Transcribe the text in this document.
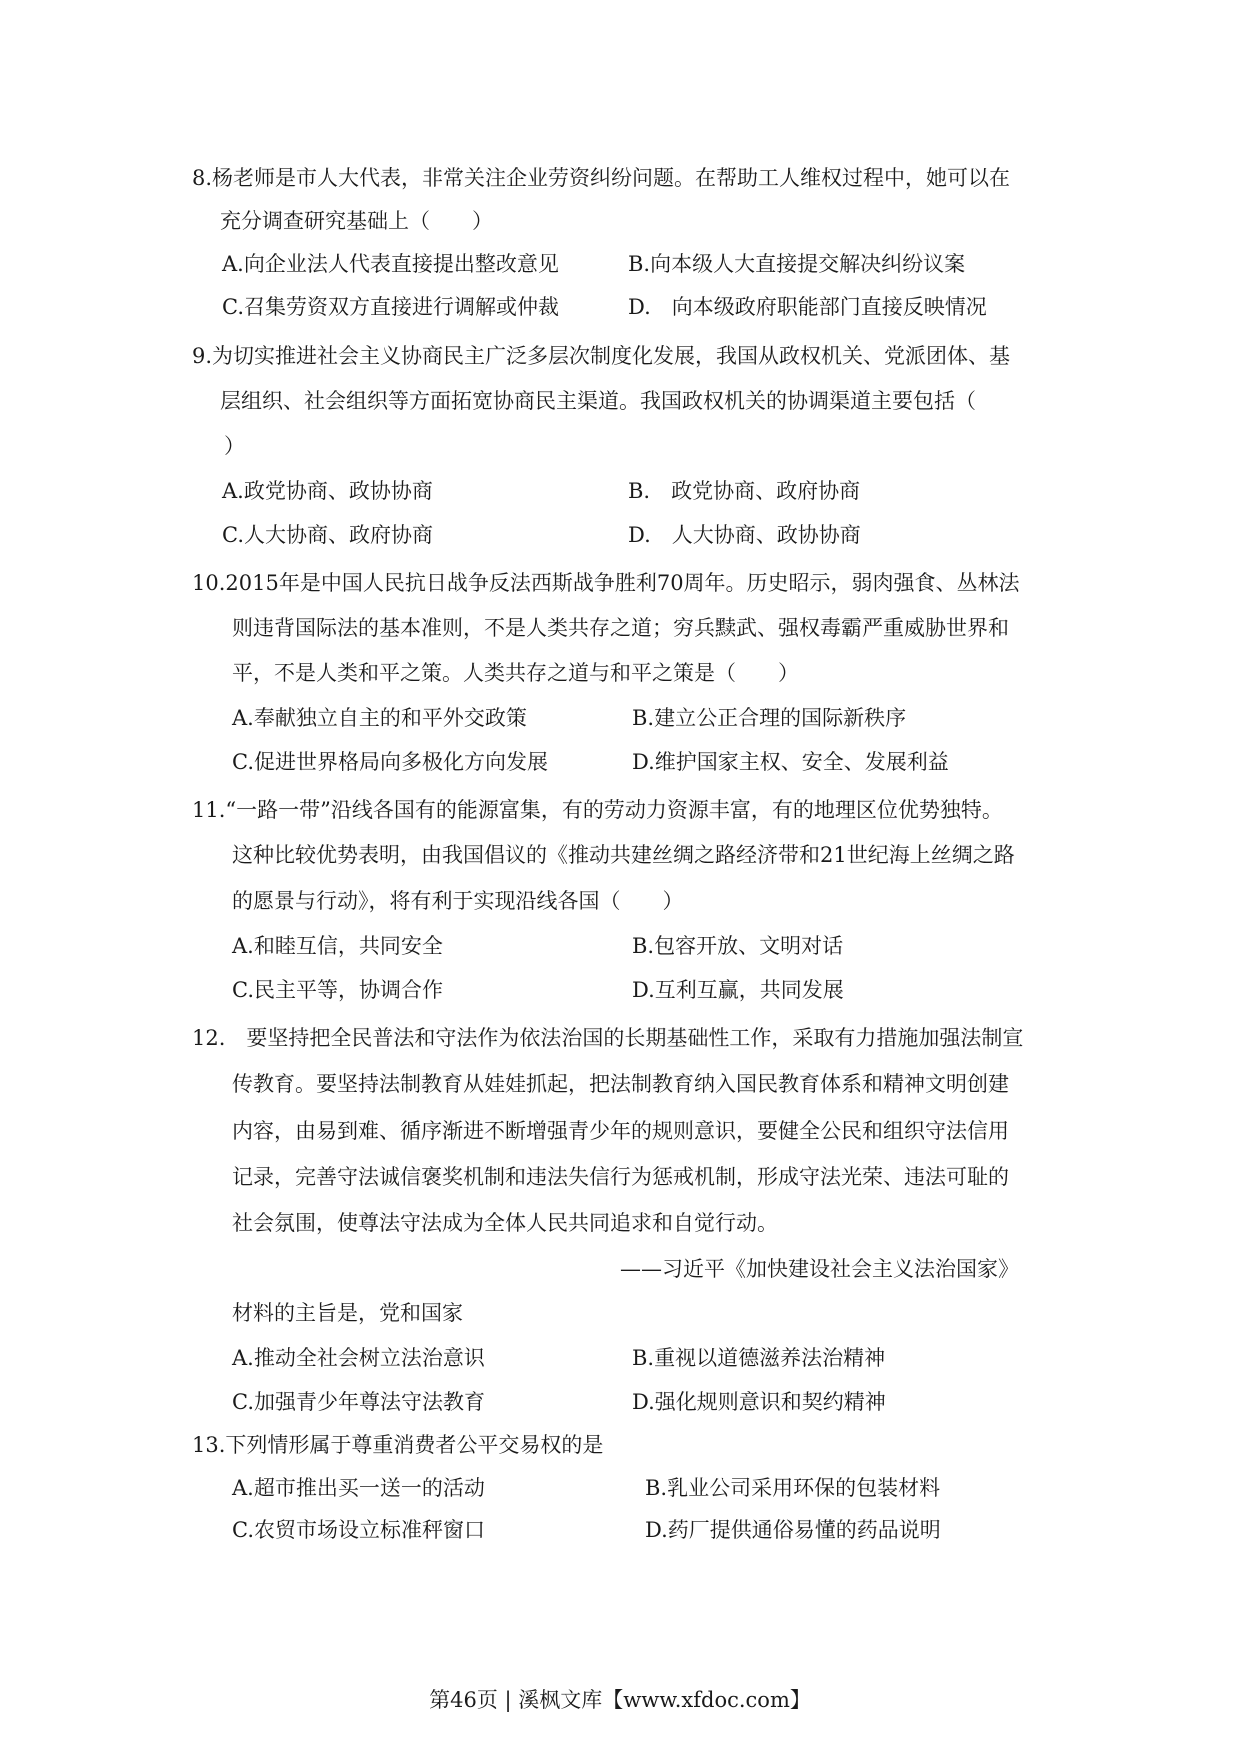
8.杨老师是市人大代表，非常关注企业劳资纠纷问题。在帮助工人维权过程中，她可以在
充分调查研究基础上（　　）
A.向企业法人代表直接提出整改意见	B.向本级人大直接提交解决纠纷议案
C.召集劳资双方直接进行调解或仲裁	D.　向本级政府职能部门直接反映情况
9.为切实推进社会主义协商民主广泛多层次制度化发展，我国从政权机关、党派团体、基
层组织、社会组织等方面拓宽协商民主渠道。我国政权机关的协调渠道主要包括（
）
A.政党协商、政协协商	B.　政党协商、政府协商
C.人大协商、政府协商	D.　人大协商、政协协商
10.2015年是中国人民抗日战争反法西斯战争胜利70周年。历史昭示，弱肉强食、丛林法
则违背国际法的基本准则，不是人类共存之道；穷兵黩武、强权毒霸严重威胁世界和
平，不是人类和平之策。人类共存之道与和平之策是（　　）
A.奉献独立自主的和平外交政策	B.建立公正合理的国际新秩序
C.促进世界格局向多极化方向发展	D.维护国家主权、安全、发展利益
11.“一路一带”沿线各国有的能源富集，有的劳动力资源丰富，有的地理区位优势独特。
这种比较优势表明，由我国倡议的《推动共建丝绸之路经济带和21世纪海上丝绸之路
的愿景与行动》，将有利于实现沿线各国（　　）
A.和睦互信，共同安全	B.包容开放、文明对话
C.民主平等，协调合作	D.互利互赢，共同发展
12.　要坚持把全民普法和守法作为依法治国的长期基础性工作，采取有力措施加强法制宣
传教育。要坚持法制教育从娃娃抓起，把法制教育纳入国民教育体系和精神文明创建
内容，由易到难、循序渐进不断增强青少年的规则意识，要健全公民和组织守法信用
记录，完善守法诚信褒奖机制和违法失信行为惩戒机制，形成守法光荣、违法可耻的
社会氛围，使尊法守法成为全体人民共同追求和自觉行动。
——习近平《加快建设社会主义法治国家》
材料的主旨是，党和国家
A.推动全社会树立法治意识	B.重视以道德滋养法治精神
C.加强青少年尊法守法教育	D.强化规则意识和契约精神
13.下列情形属于尊重消费者公平交易权的是
A.超市推出买一送一的活动	B.乳业公司采用环保的包装材料
C.农贸市场设立标准秤窗口	D.药厂提供通俗易懂的药品说明
第46页 | 溪枫文库【www.xfdoc.com】
